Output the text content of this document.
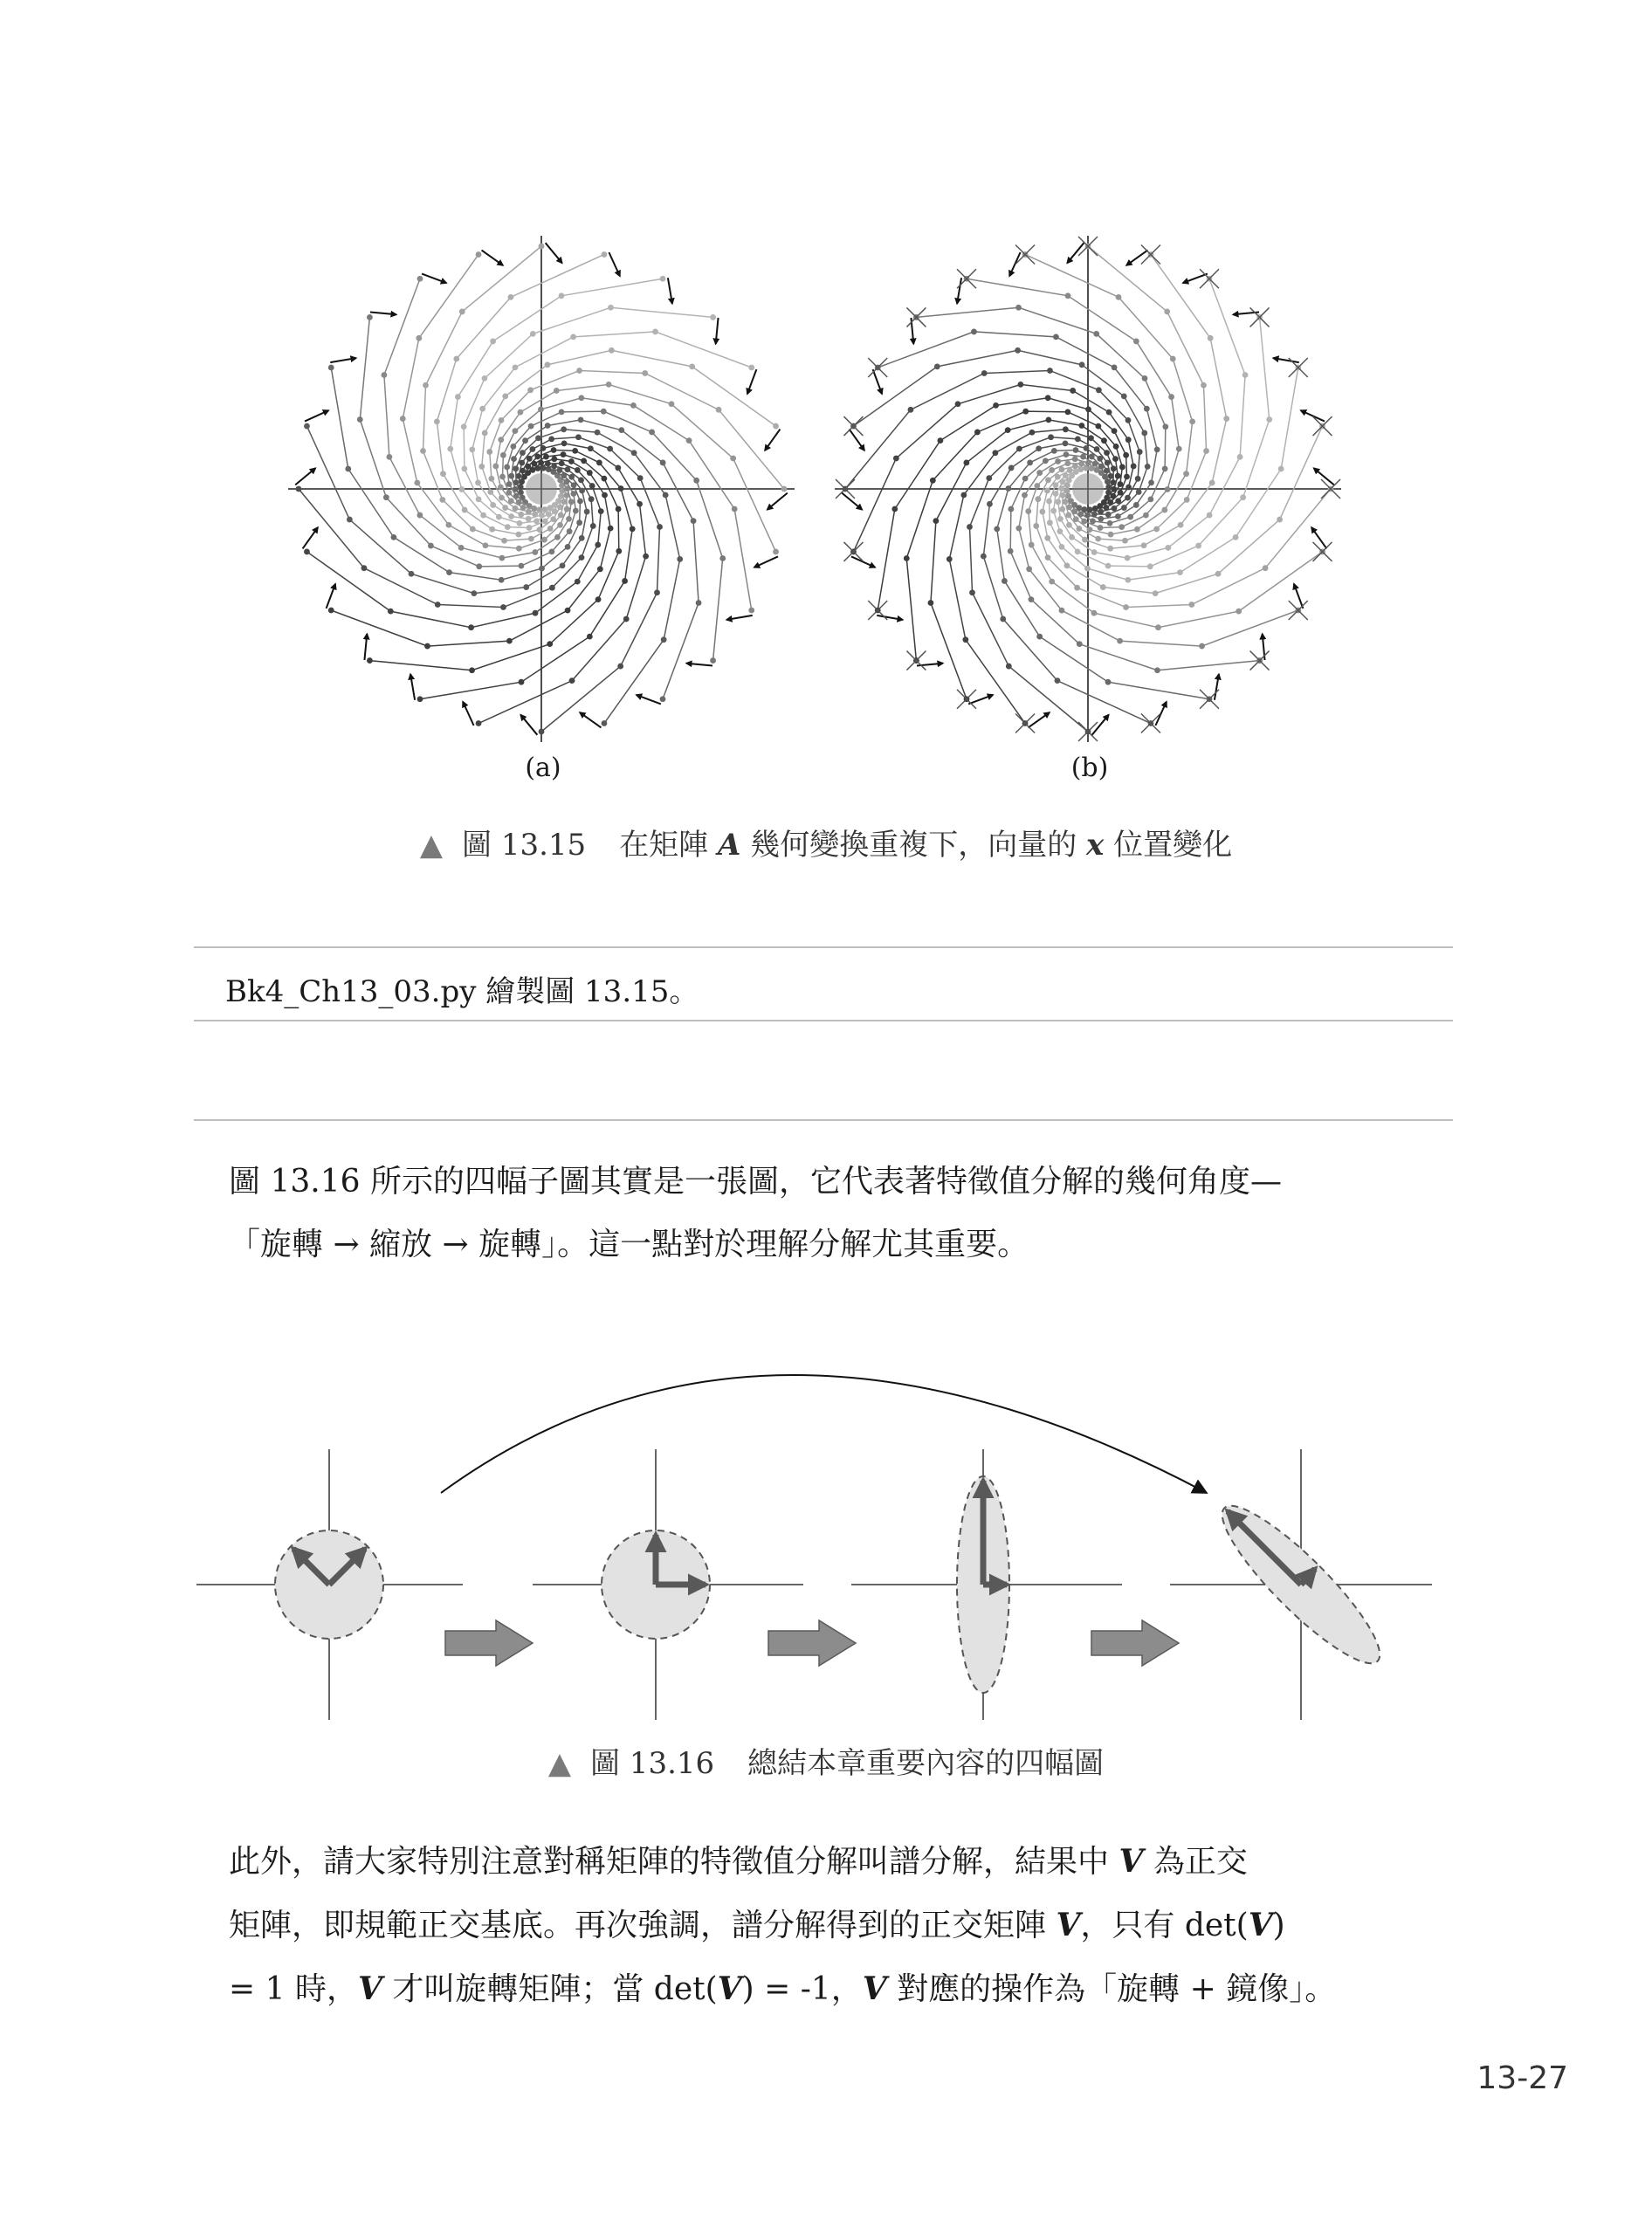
(a)	(b)
▲ 圖 13.15 在矩陣 A 幾何變換重複下，向量的 x 位置變化
Bk4_Ch13_03.py 繪製圖 13.15。
圖 13.16 所示的四幅子圖其實是一張圖，它代表著特徵值分解的幾何角度—
「旋轉 → 縮放 → 旋轉」。這一點對於理解分解尤其重要。
▲ 圖 13.16 總結本章重要內容的四幅圖
此外，請大家特別注意對稱矩陣的特徵值分解叫譜分解，結果中 V 為正交
矩陣，即規範正交基底。再次強調，譜分解得到的正交矩陣 V，只有 det(V)
= 1 時，V 才叫旋轉矩陣；當 det(V) = -1，V 對應的操作為「旋轉 + 鏡像」。
13-27
